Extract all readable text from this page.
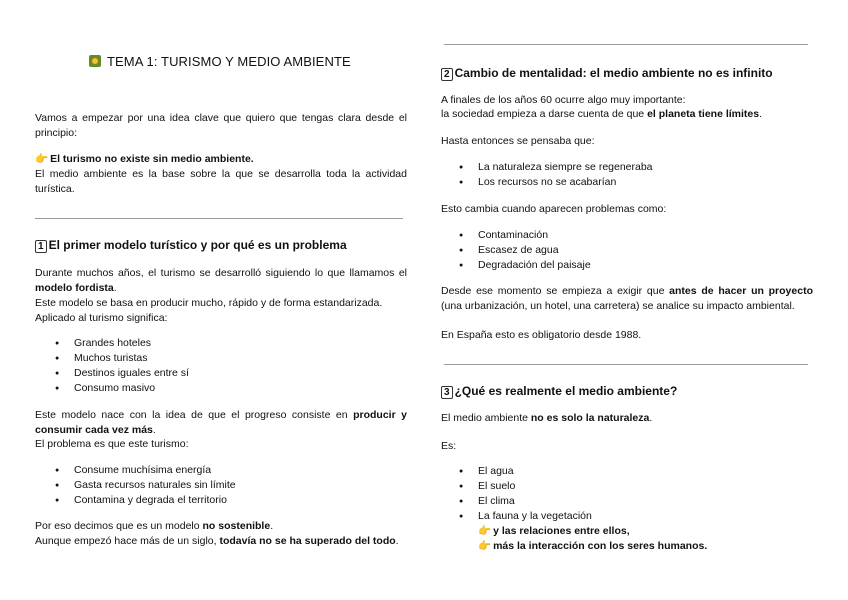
TEMA 1: TURISMO Y MEDIO AMBIENTE

Vamos a empezar por una idea clave que quiero que tengas clara desde el principio:

👉 El turismo no existe sin medio ambiente.

El medio ambiente es la base sobre la que se desarrolla toda la actividad turística.

1 El primer modelo turístico y por qué es un problema

Durante muchos años, el turismo se desarrolló siguiendo lo que llamamos el modelo fordista.

Este modelo se basa en producir mucho, rápido y de forma estandarizada.

Aplicado al turismo significa:

● Grandes hoteles
● Muchos turistas
● Destinos iguales entre sí
● Consumo masivo

Este modelo nace con la idea de que el progreso consiste en producir y consumir cada vez más.

El problema es que este turismo:

● Consume muchísima energía
● Gasta recursos naturales sin límite
● Contamina y degrada el territorio

Por eso decimos que es un modelo no sostenible.

Aunque empezó hace más de un siglo, todavía no se ha superado del todo.

2 Cambio de mentalidad: el medio ambiente no es infinito

A finales de los años 60 ocurre algo muy importante:

la sociedad empieza a darse cuenta de que el planeta tiene límites.

Hasta entonces se pensaba que:

● La naturaleza siempre se regeneraba
● Los recursos no se acabarían

Esto cambia cuando aparecen problemas como:

● Contaminación
● Escasez de agua
● Degradación del paisaje

Desde ese momento se empieza a exigir que antes de hacer un proyecto (una urbanización, un hotel, una carretera) se analice su impacto ambiental.

En España esto es obligatorio desde 1988.

3 ¿Qué es realmente el medio ambiente?

El medio ambiente no es solo la naturaleza.

Es:

● El agua
● El suelo
● El clima
● La fauna y la vegetación
👉 y las relaciones entre ellos,
👉 más la interacción con los seres humanos.
